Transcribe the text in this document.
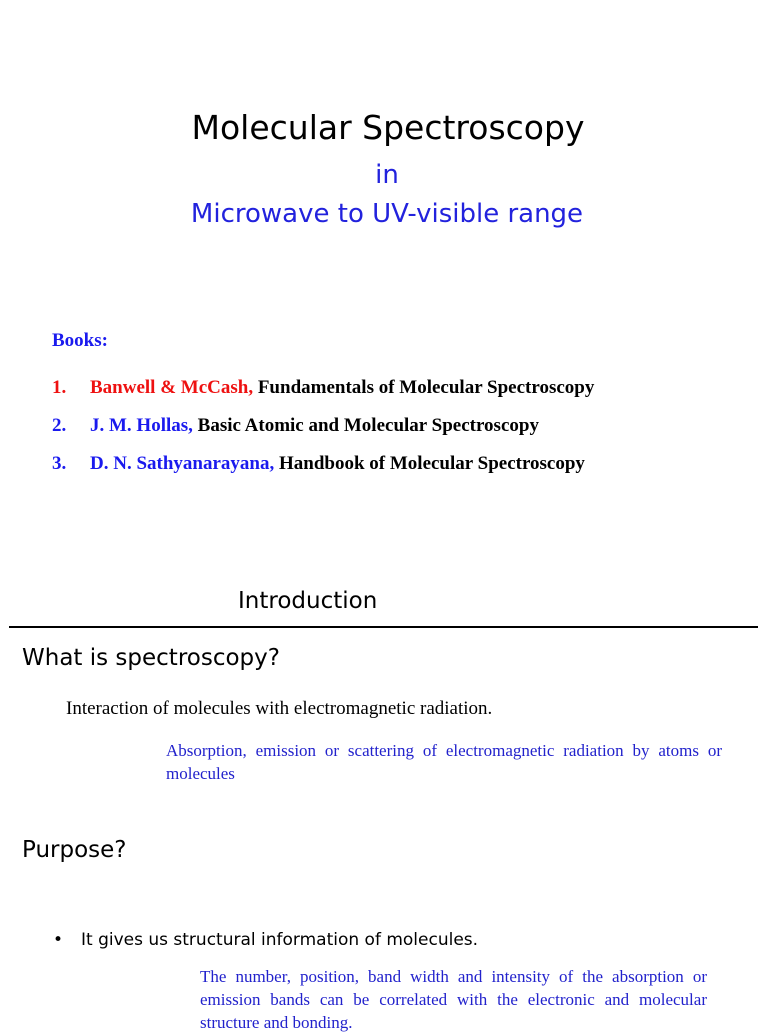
Molecular Spectroscopy
in
Microwave to UV-visible range
Books:
1. Banwell & McCash, Fundamentals of Molecular Spectroscopy
2. J. M. Hollas, Basic Atomic and Molecular Spectroscopy
3. D. N. Sathyanarayana, Handbook of Molecular Spectroscopy
Introduction
What is spectroscopy?
Interaction of molecules with electromagnetic radiation.
Absorption, emission or scattering of electromagnetic radiation by atoms or molecules
Purpose?
• It gives us structural information of molecules.
The number, position, band width and intensity of the absorption or emission bands can be correlated with the electronic and molecular structure and bonding.
